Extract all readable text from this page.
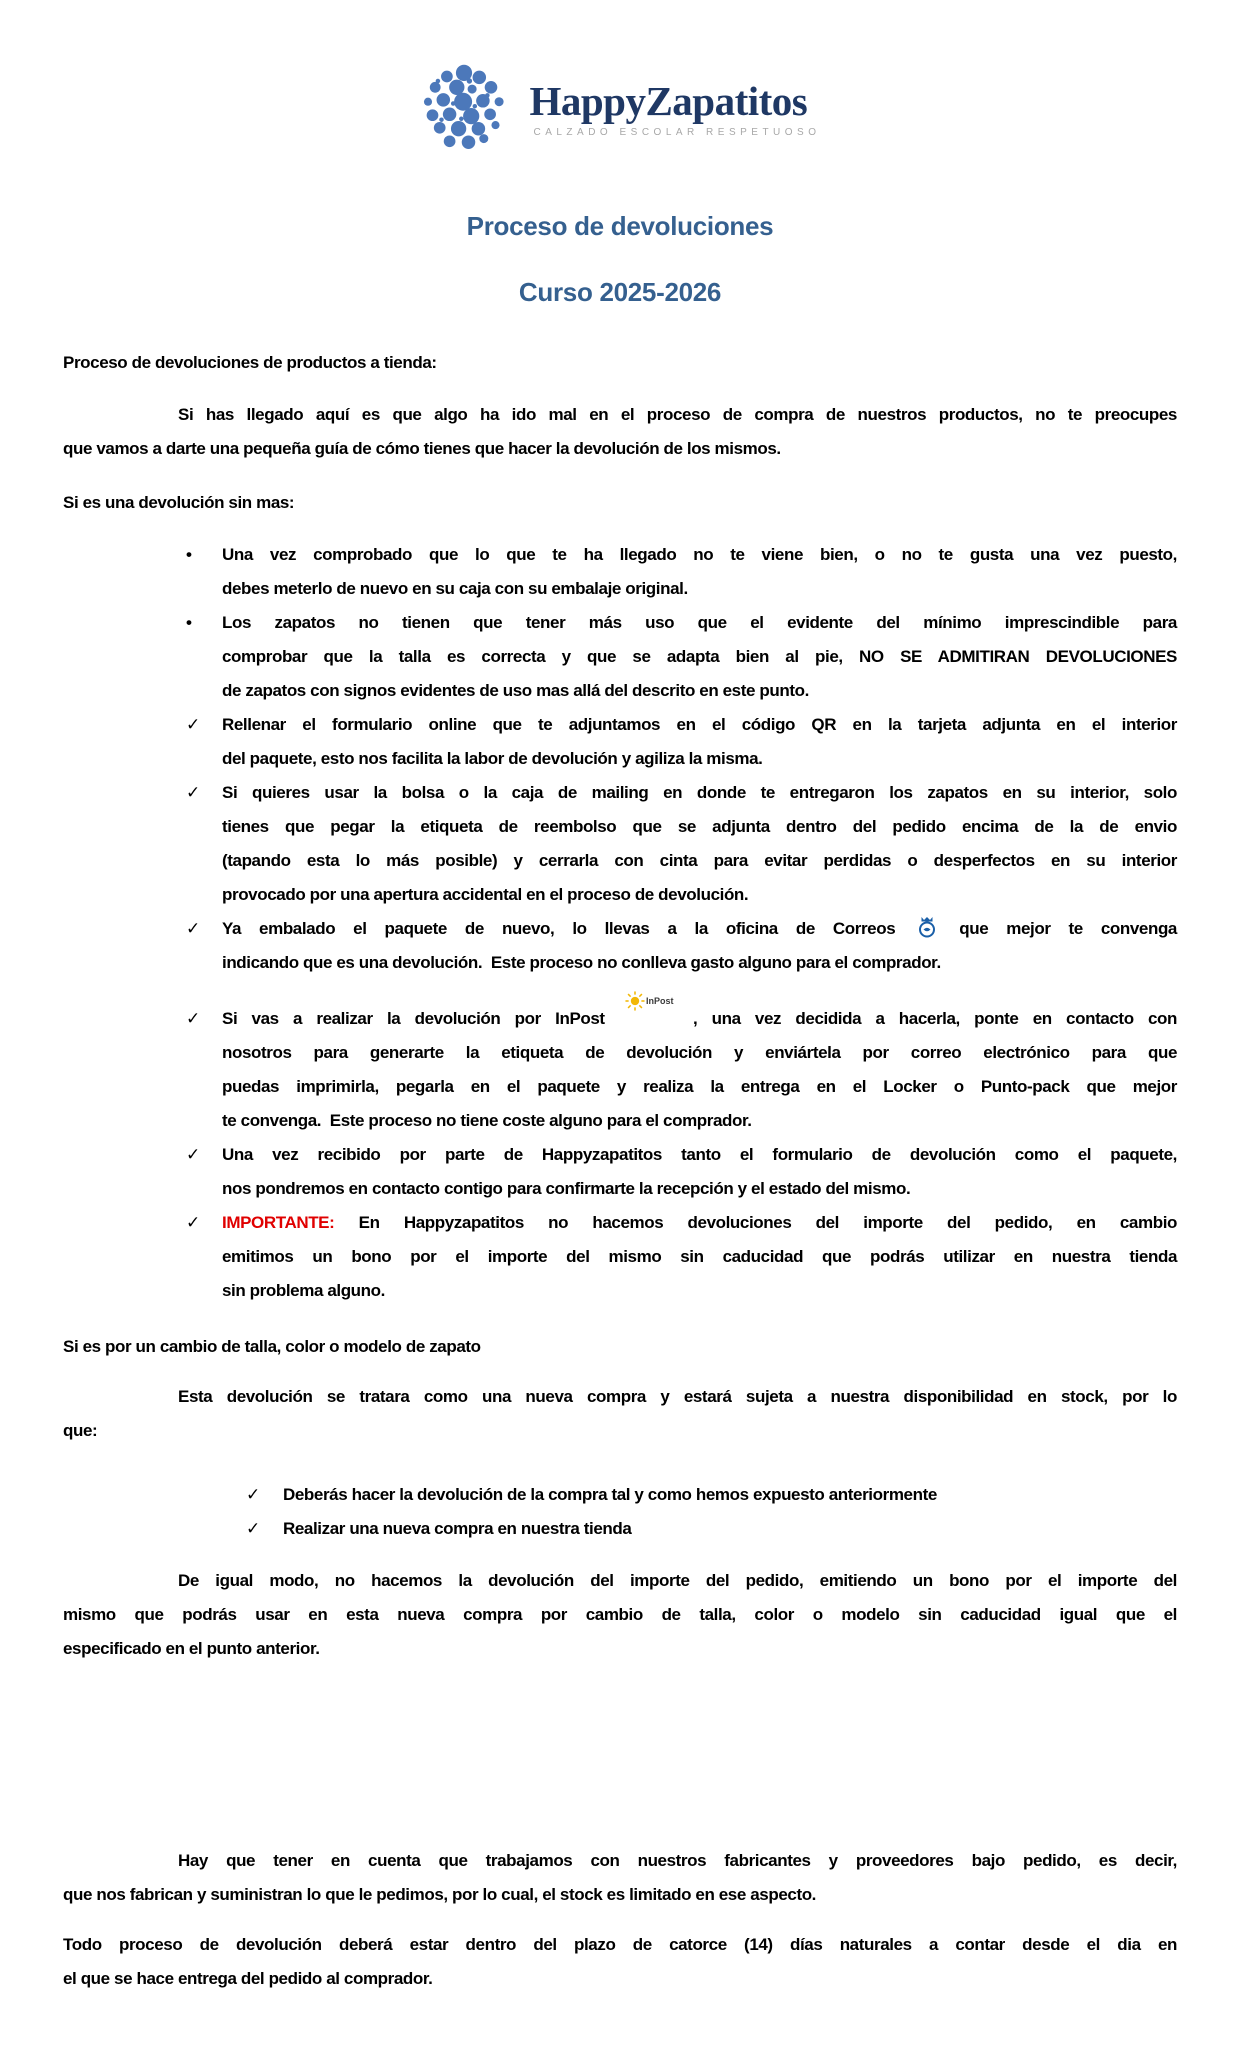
HappyZapatitos
CALZADO ESCOLAR RESPETUOSO
Proceso de devoluciones
Curso 2025-2026
Proceso de devoluciones de productos a tienda:
Si has llegado aquí es que algo ha ido mal en el proceso de compra de nuestros productos, no te preocupes
que vamos a darte una pequeña guía de cómo tienes que hacer la devolución de los mismos.
Si es una devolución sin mas:
• Una vez comprobado que lo que te ha llegado no te viene bien, o no te gusta una vez puesto,
debes meterlo de nuevo en su caja con su embalaje original.
• Los zapatos no tienen que tener más uso que el evidente del mínimo imprescindible para
comprobar que la talla es correcta y que se adapta bien al pie, NO SE ADMITIRAN DEVOLUCIONES
de zapatos con signos evidentes de uso mas allá del descrito en este punto.
✓ Rellenar el formulario online que te adjuntamos en el código QR en la tarjeta adjunta en el interior
del paquete, esto nos facilita la labor de devolución y agiliza la misma.
✓ Si quieres usar la bolsa o la caja de mailing en donde te entregaron los zapatos en su interior, solo
tienes que pegar la etiqueta de reembolso que se adjunta dentro del pedido encima de la de envio
(tapando esta lo más posible) y cerrarla con cinta para evitar perdidas o desperfectos en su interior
provocado por una apertura accidental en el proceso de devolución.
✓ Ya embalado el paquete de nuevo, lo llevas a la oficina de Correos
que mejor te convenga
indicando que es una devolución.  Este proceso no conlleva gasto alguno para el comprador.
✓ Si vas a realizar la devolución por InPost
InPost
, una vez decidida a hacerla, ponte en contacto con
nosotros para generarte la etiqueta de devolución y enviártela por correo electrónico para que
puedas imprimirla, pegarla en el paquete y realiza la entrega en el Locker o Punto-pack que mejor
te convenga.  Este proceso no tiene coste alguno para el comprador.
✓ Una vez recibido por parte de Happyzapatitos tanto el formulario de devolución como el paquete,
nos pondremos en contacto contigo para confirmarte la recepción y el estado del mismo.
✓ IMPORTANTE: En Happyzapatitos no hacemos devoluciones del importe del pedido, en cambio
emitimos un bono por el importe del mismo sin caducidad que podrás utilizar en nuestra tienda
sin problema alguno.
Si es por un cambio de talla, color o modelo de zapato
Esta devolución se tratara como una nueva compra y estará sujeta a nuestra disponibilidad en stock, por lo
que:
✓ Deberás hacer la devolución de la compra tal y como hemos expuesto anteriormente
✓ Realizar una nueva compra en nuestra tienda
De igual modo, no hacemos la devolución del importe del pedido, emitiendo un bono por el importe del
mismo que podrás usar en esta nueva compra por cambio de talla, color o modelo sin caducidad igual que el
especificado en el punto anterior.
Hay que tener en cuenta que trabajamos con nuestros fabricantes y proveedores bajo pedido, es decir,
que nos fabrican y suministran lo que le pedimos, por lo cual, el stock es limitado en ese aspecto.
Todo proceso de devolución deberá estar dentro del plazo de catorce (14) días naturales a contar desde el dia en
el que se hace entrega del pedido al comprador.
